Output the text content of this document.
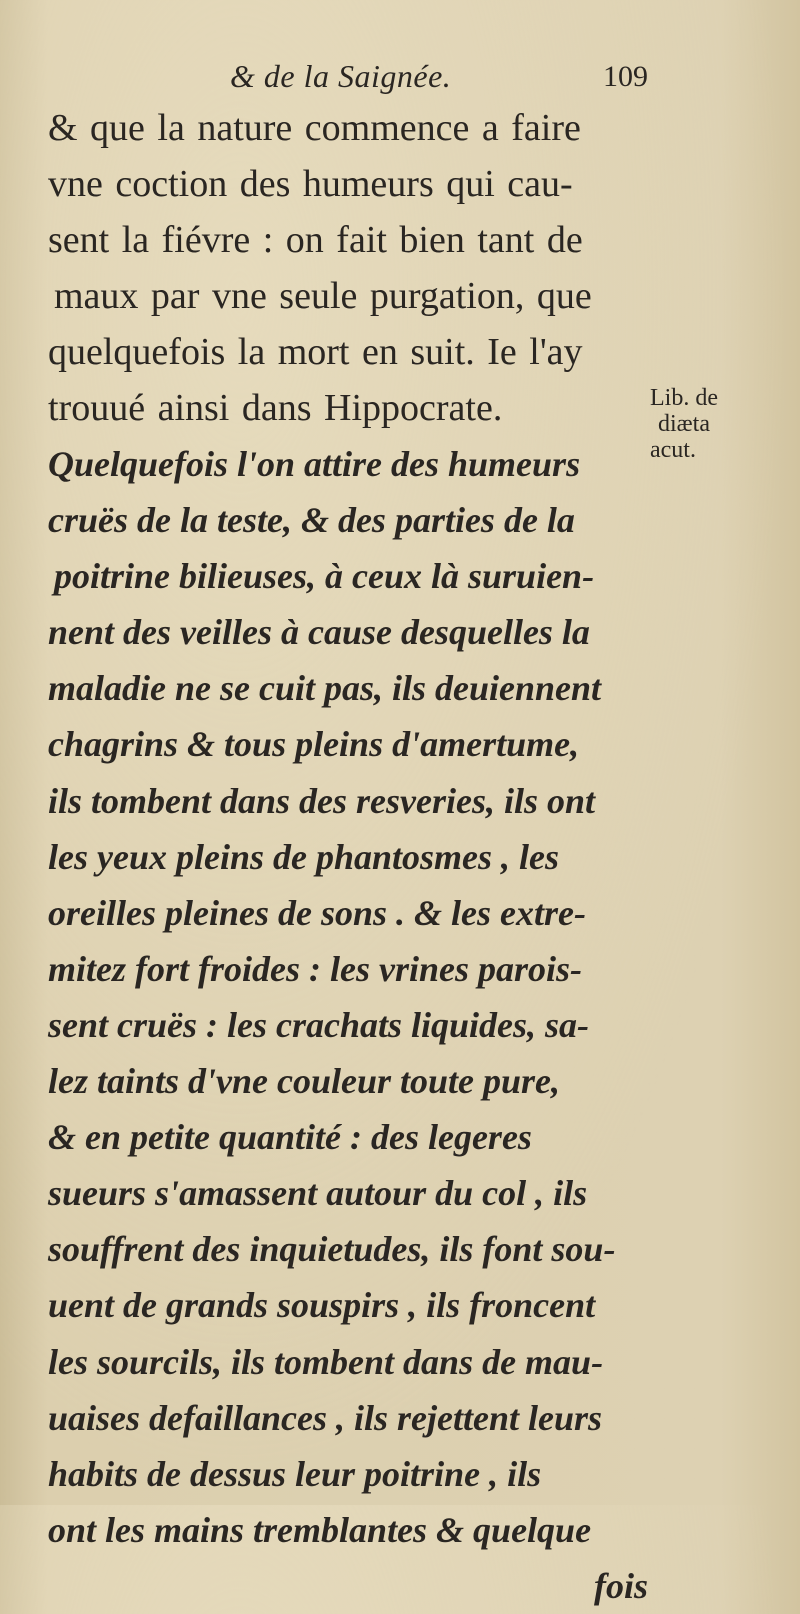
& de la Saignée.	109
& que la nature commence a faire
vne coction des humeurs qui cau-
sent la fiévre : on fait bien tant de
maux par vne seule purgation, que
quelquefois la mort en suit. Ie l'ay
trouué ainsi dans Hippocrate.
Quelquefois l'on attire des humeurs
cruës de la teste, & des parties de la
poitrine bilieuses, à ceux là suruien-
nent des veilles à cause desquelles la
maladie ne se cuit pas, ils deuiennent
chagrins & tous pleins d'amertume,
ils tombent dans des resveries, ils ont
les yeux pleins de phantosmes , les
oreilles pleines de sons . & les extre-
mitez fort froides : les vrines parois-
sent cruës : les crachats liquides, sa-
lez taints d'vne couleur toute pure,
& en petite quantité : des legeres
sueurs s'amassent autour du col , ils
souffrent des inquietudes, ils font sou-
uent de grands souspirs , ils froncent
les sourcils, ils tombent dans de mau-
uaises defaillances , ils rejettent leurs
habits de dessus leur poitrine , ils
ont les mains tremblantes & quelque
fois
Lib. de
diæta
acut.
